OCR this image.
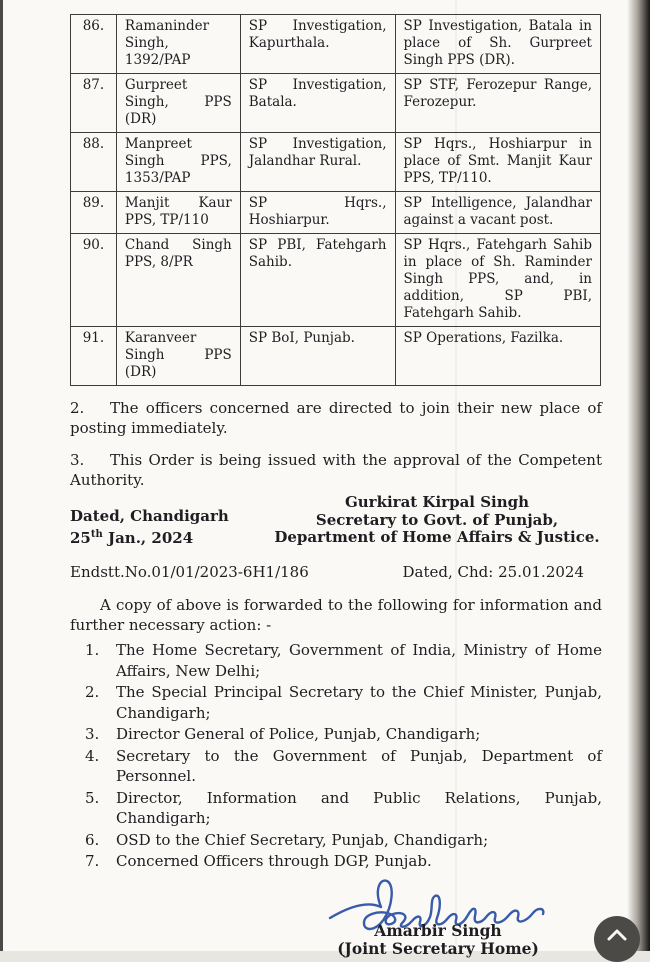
86.	Ramaninder Singh, 1392/PAP	SP Investigation, Kapurthala.	SP Investigation, Batala in place of Sh. Gurpreet Singh PPS (DR).
87.	Gurpreet Singh, PPS (DR)	SP Investigation, Batala.	SP STF, Ferozepur Range, Ferozepur.
88.	Manpreet Singh PPS, 1353/PAP	SP Investigation, Jalandhar Rural.	SP Hqrs., Hoshiarpur in place of Smt. Manjit Kaur PPS, TP/110.
89.	Manjit Kaur PPS, TP/110	SP Hqrs., Hoshiarpur.	SP Intelligence, Jalandhar against a vacant post.
90.	Chand Singh PPS, 8/PR	SP PBI, Fatehgarh Sahib.	SP Hqrs., Fatehgarh Sahib in place of Sh. Raminder Singh PPS, and, in addition, SP PBI, Fatehgarh Sahib.
91.	Karanveer Singh PPS (DR)	SP BoI, Punjab.	SP Operations, Fazilka.

2. The officers concerned are directed to join their new place of posting immediately.

3. This Order is being issued with the approval of the Competent Authority.

Dated, Chandigarh
25th Jan., 2024
Gurkirat Kirpal Singh
Secretary to Govt. of Punjab,
Department of Home Affairs & Justice.
Endstt.No.01/01/2023-6H1/186	Dated, Chd: 25.01.2024

A copy of above is forwarded to the following for information and further necessary action: -

1.	The Home Secretary, Government of India, Ministry of Home Affairs, New Delhi;
2.	The Special Principal Secretary to the Chief Minister, Punjab, Chandigarh;
3.	Director General of Police, Punjab, Chandigarh;
4.	Secretary to the Government of Punjab, Department of Personnel.
5.	Director, Information and Public Relations, Punjab, Chandigarh;
6.	OSD to the Chief Secretary, Punjab, Chandigarh;
7.	Concerned Officers through DGP, Punjab.
Amarbir Singh
(Joint Secretary Home)
